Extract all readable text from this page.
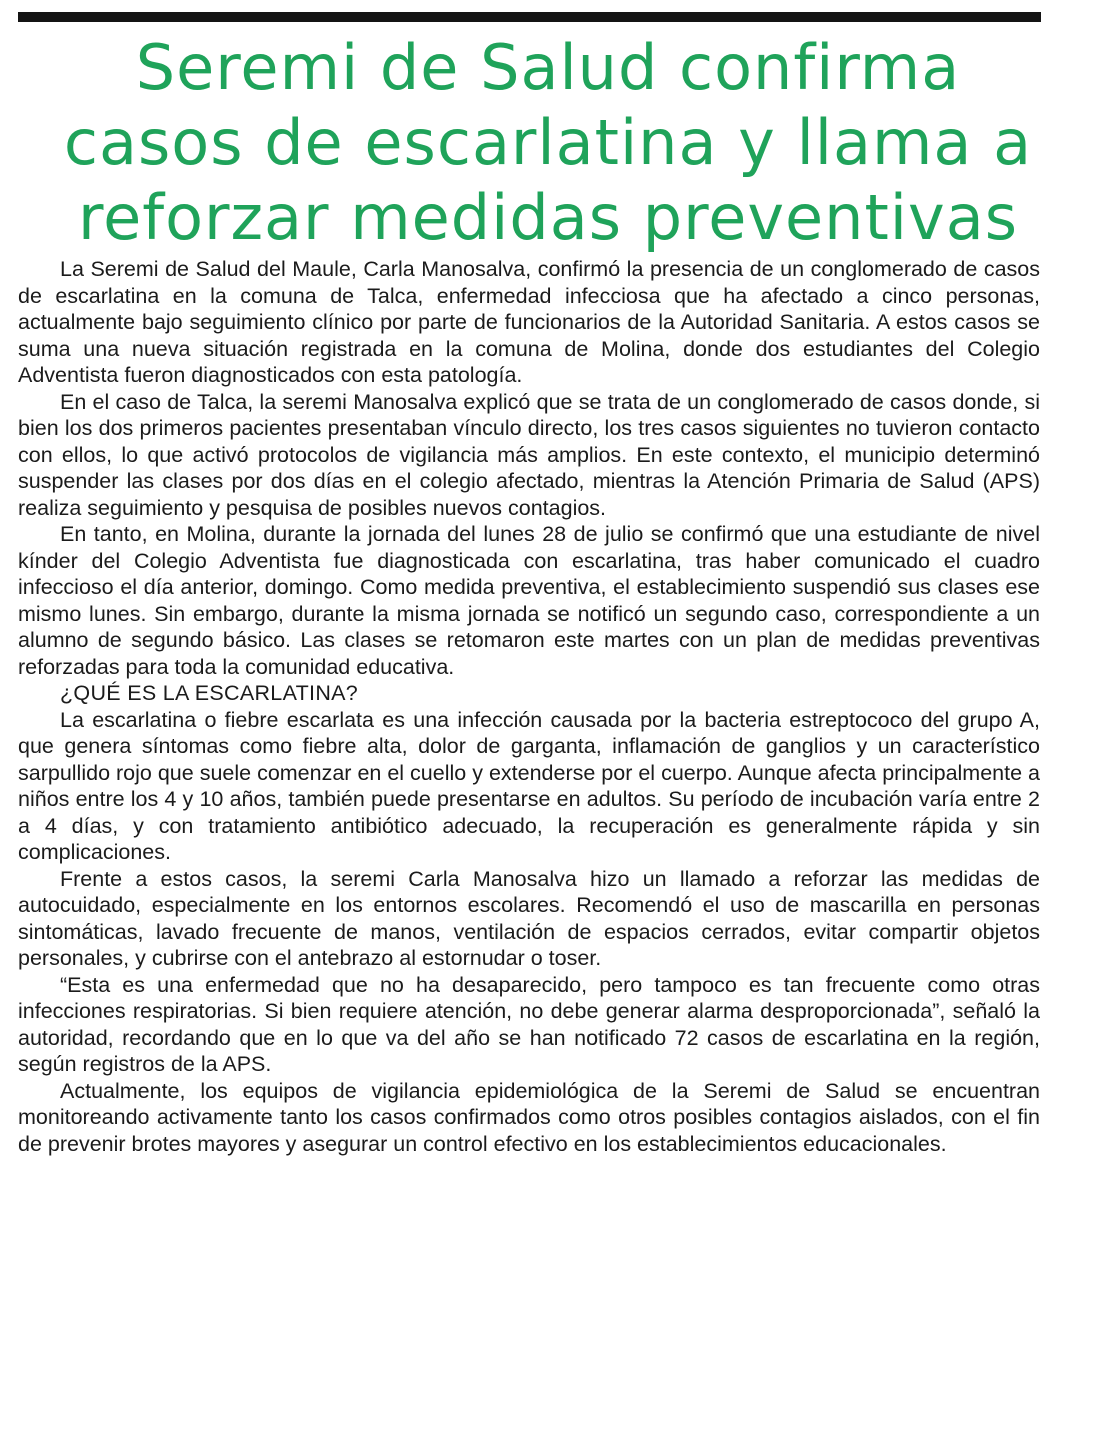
Seremi de Salud confirma
casos de escarlatina y llama a
reforzar medidas preventivas

La Seremi de Salud del Maule, Carla Manosalva, confirmó la presencia de un conglomerado de casos de escarlatina en la comuna de Talca, enfermedad infecciosa que ha afectado a cinco personas, actualmente bajo seguimiento clínico por parte de funcionarios de la Autoridad Sanitaria. A estos casos se suma una nueva situación registrada en la comuna de Molina, donde dos estudiantes del Colegio Adventista fueron diagnosticados con esta patología.

En el caso de Talca, la seremi Manosalva explicó que se trata de un conglomerado de casos donde, si bien los dos primeros pacientes presentaban vínculo directo, los tres casos siguientes no tuvieron contacto con ellos, lo que activó protocolos de vigilancia más amplios. En este contexto, el municipio determinó suspender las clases por dos días en el colegio afectado, mientras la Atención Primaria de Salud (APS) realiza seguimiento y pesquisa de posibles nuevos contagios.

En tanto, en Molina, durante la jornada del lunes 28 de julio se confirmó que una estudiante de nivel kínder del Colegio Adventista fue diagnosticada con escarlatina, tras haber comunicado el cuadro infeccioso el día anterior, domingo. Como medida preventiva, el establecimiento suspendió sus clases ese mismo lunes. Sin embargo, durante la misma jornada se notificó un segundo caso, correspondiente a un alumno de segundo básico. Las clases se retomaron este martes con un plan de medidas preventivas reforzadas para toda la comunidad educativa.

¿QUÉ ES LA ESCARLATINA?

La escarlatina o fiebre escarlata es una infección causada por la bacteria estreptococo del grupo A, que genera síntomas como fiebre alta, dolor de garganta, inflamación de ganglios y un característico sarpullido rojo que suele comenzar en el cuello y extenderse por el cuerpo. Aunque afecta principalmente a niños entre los 4 y 10 años, también puede presentarse en adultos. Su período de incubación varía entre 2 a 4 días, y con tratamiento antibiótico adecuado, la recuperación es generalmente rápida y sin complicaciones.

Frente a estos casos, la seremi Carla Manosalva hizo un llamado a reforzar las medidas de autocuidado, especialmente en los entornos escolares. Recomendó el uso de mascarilla en personas sintomáticas, lavado frecuente de manos, ventilación de espacios cerrados, evitar compartir objetos personales, y cubrirse con el antebrazo al estornudar o toser.

“Esta es una enfermedad que no ha desaparecido, pero tampoco es tan frecuente como otras infecciones respiratorias. Si bien requiere atención, no debe generar alarma desproporcionada”, señaló la autoridad, recordando que en lo que va del año se han notificado 72 casos de escarlatina en la región, según registros de la APS.

Actualmente, los equipos de vigilancia epidemiológica de la Seremi de Salud se encuentran monitoreando activamente tanto los casos confirmados como otros posibles contagios aislados, con el fin de prevenir brotes mayores y asegurar un control efectivo en los establecimientos educacionales.
